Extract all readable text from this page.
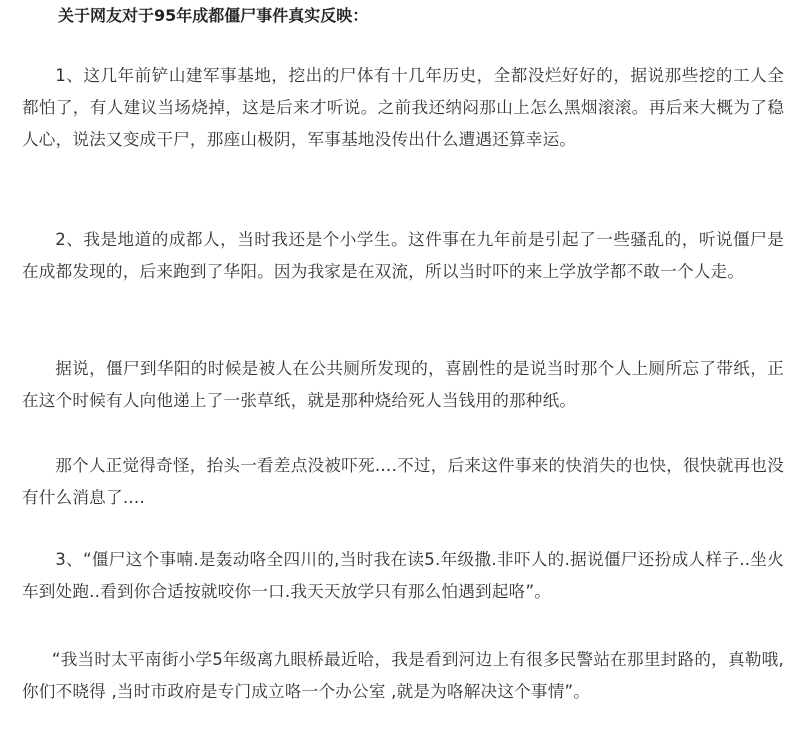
关于网友对于95年成都僵尸事件真实反映：

1、这几年前铲山建军事基地，挖出的尸体有十几年历史，全都没烂好好的，据说那些挖的工人全都怕了，有人建议当场烧掉，这是后来才听说。之前我还纳闷那山上怎么黑烟滚滚。再后来大概为了稳人心，说法又变成干尸，那座山极阴，军事基地没传出什么遭遇还算幸运。

2、我是地道的成都人，当时我还是个小学生。这件事在九年前是引起了一些骚乱的，听说僵尸是在成都发现的，后来跑到了华阳。因为我家是在双流，所以当时吓的来上学放学都不敢一个人走。

据说，僵尸到华阳的时候是被人在公共厕所发现的，喜剧性的是说当时那个人上厕所忘了带纸，正在这个时候有人向他递上了一张草纸，就是那种烧给死人当钱用的那种纸。

那个人正觉得奇怪，抬头一看差点没被吓死….不过，后来这件事来的快消失的也快，很快就再也没有什么消息了….

3、“僵尸这个事喃.是轰动咯全四川的,当时我在读5.年级撒.非吓人的.据说僵尸还扮成人样子..坐火车到处跑..看到你合适按就咬你一口.我天天放学只有那么怕遇到起咯”。

“我当时太平南街小学5年级离九眼桥最近哈，我是看到河边上有很多民警站在那里封路的，真勒哦,你们不晓得 ,当时市政府是专门成立咯一个办公室 ,就是为咯解决这个事情”。
